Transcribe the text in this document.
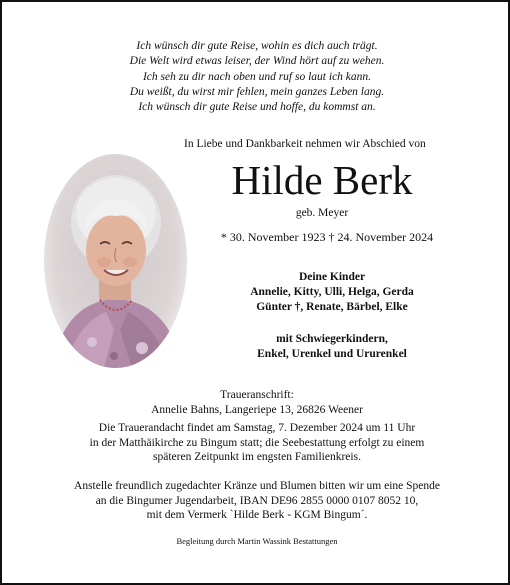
Ich wünsch dir gute Reise, wohin es dich auch trägt.
Die Welt wird etwas leiser, der Wind hört auf zu wehen.
Ich seh zu dir nach oben und ruf so laut ich kann.
Du weißt, du wirst mir fehlen, mein ganzes Leben lang.
Ich wünsch dir gute Reise und hoffe, du kommst an.
In Liebe und Dankbarkeit nehmen wir Abschied von
Hilde Berk
geb. Meyer
* 30. November 1923 † 24. November 2024
Deine Kinder
Annelie, Kitty, Ulli, Helga, Gerda
Günter †, Renate, Bärbel, Elke
mit Schwiegerkindern,
Enkel, Urenkel und Ururenkel
Traueranschrift:
Annelie Bahns, Langeriepe 13, 26826 Weener
Die Trauerandacht findet am Samstag, 7. Dezember 2024 um 11 Uhr
in der Matthäikirche zu Bingum statt; die Seebestattung erfolgt zu einem
späteren Zeitpunkt im engsten Familienkreis.
Anstelle freundlich zugedachter Kränze und Blumen bitten wir um eine Spende
an die Bingumer Jugendarbeit, IBAN DE96 2855 0000 0107 8052 10,
mit dem Vermerk `Hilde Berk - KGM Bingum´.
Begleitung durch Martin Wassink Bestattungen
